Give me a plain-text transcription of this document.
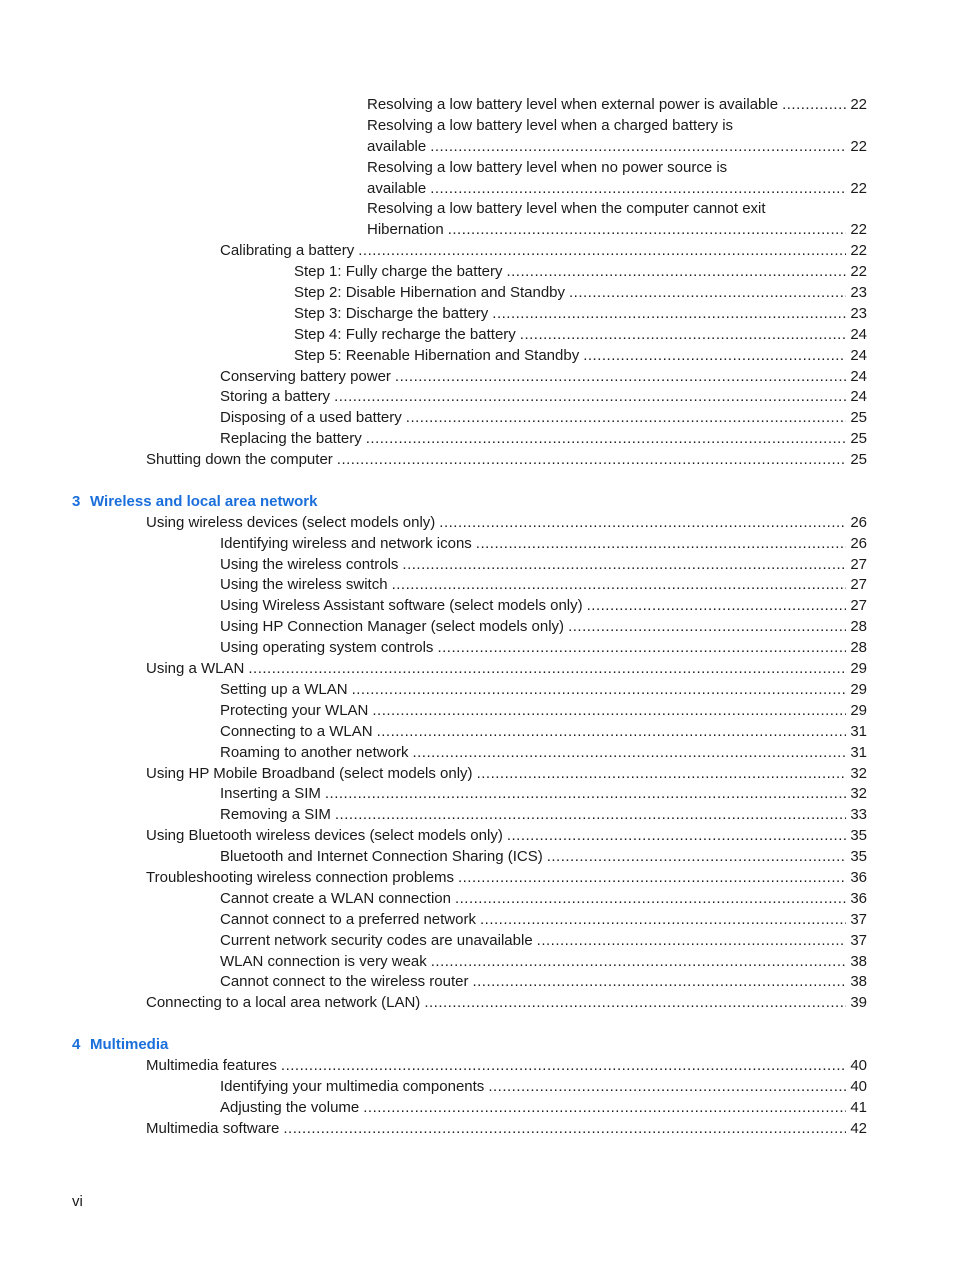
Resolving a low battery level when external power is available .....	22
Resolving a low battery level when a charged battery is
available .....	22
Resolving a low battery level when no power source is
available .....	22
Resolving a low battery level when the computer cannot exit
Hibernation .....	22
Calibrating a battery .....	22
Step 1: Fully charge the battery .....	22
Step 2: Disable Hibernation and Standby .....	23
Step 3: Discharge the battery .....	23
Step 4: Fully recharge the battery .....	24
Step 5: Reenable Hibernation and Standby .....	24
Conserving battery power .....	24
Storing a battery .....	24
Disposing of a used battery .....	25
Replacing the battery .....	25
Shutting down the computer .....	25
3 Wireless and local area network
Using wireless devices (select models only) .....	26
Identifying wireless and network icons .....	26
Using the wireless controls .....	27
Using the wireless switch .....	27
Using Wireless Assistant software (select models only) .....	27
Using HP Connection Manager (select models only) .....	28
Using operating system controls .....	28
Using a WLAN .....	29
Setting up a WLAN .....	29
Protecting your WLAN .....	29
Connecting to a WLAN .....	31
Roaming to another network .....	31
Using HP Mobile Broadband (select models only) .....	32
Inserting a SIM .....	32
Removing a SIM .....	33
Using Bluetooth wireless devices (select models only) .....	35
Bluetooth and Internet Connection Sharing (ICS) .....	35
Troubleshooting wireless connection problems .....	36
Cannot create a WLAN connection .....	36
Cannot connect to a preferred network .....	37
Current network security codes are unavailable .....	37
WLAN connection is very weak .....	38
Cannot connect to the wireless router .....	38
Connecting to a local area network (LAN) .....	39
4 Multimedia
Multimedia features .....	40
Identifying your multimedia components .....	40
Adjusting the volume .....	41
Multimedia software .....	42
vi
